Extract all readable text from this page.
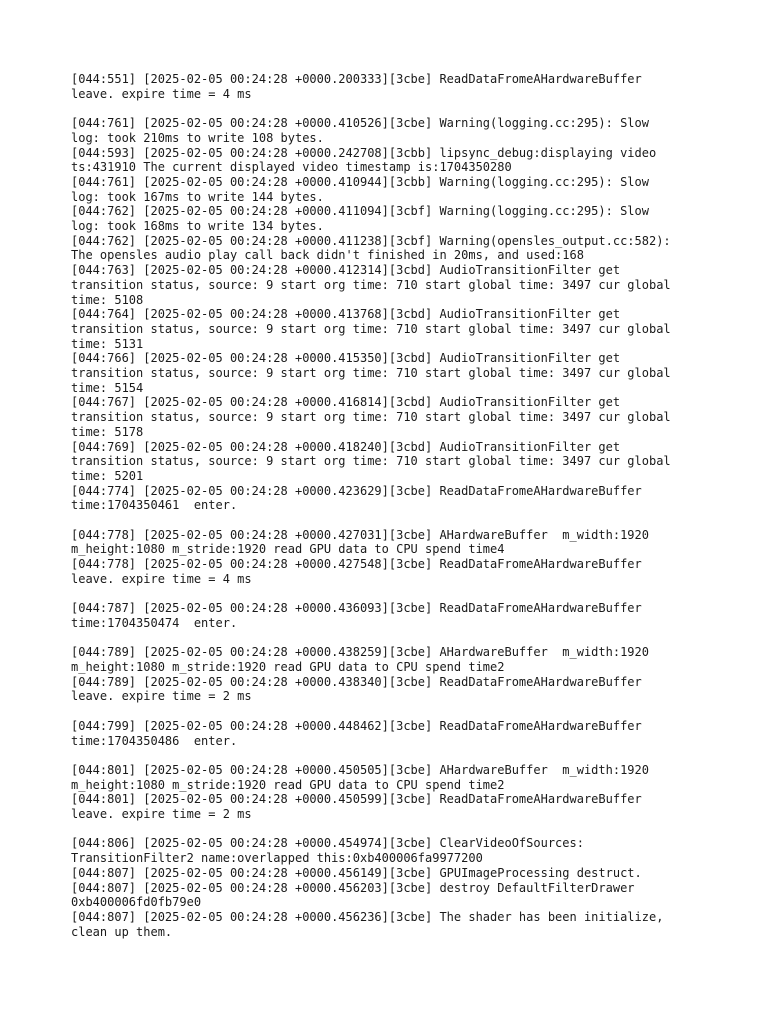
[044:551] [2025-02-05 00:24:28 +0000.200333][3cbe] ReadDataFromeAHardwareBuffer
leave. expire time = 4 ms
[044:761] [2025-02-05 00:24:28 +0000.410526][3cbe] Warning(logging.cc:295): Slow
log: took 210ms to write 108 bytes.
[044:593] [2025-02-05 00:24:28 +0000.242708][3cbb] lipsync_debug:displaying video
ts:431910 The current displayed video timestamp is:1704350280
[044:761] [2025-02-05 00:24:28 +0000.410944][3cbb] Warning(logging.cc:295): Slow
log: took 167ms to write 144 bytes.
[044:762] [2025-02-05 00:24:28 +0000.411094][3cbf] Warning(logging.cc:295): Slow
log: took 168ms to write 134 bytes.
[044:762] [2025-02-05 00:24:28 +0000.411238][3cbf] Warning(opensles_output.cc:582):
The opensles audio play call back didn't finished in 20ms, and used:168
[044:763] [2025-02-05 00:24:28 +0000.412314][3cbd] AudioTransitionFilter get
transition status, source: 9 start org time: 710 start global time: 3497 cur global
time: 5108
[044:764] [2025-02-05 00:24:28 +0000.413768][3cbd] AudioTransitionFilter get
transition status, source: 9 start org time: 710 start global time: 3497 cur global
time: 5131
[044:766] [2025-02-05 00:24:28 +0000.415350][3cbd] AudioTransitionFilter get
transition status, source: 9 start org time: 710 start global time: 3497 cur global
time: 5154
[044:767] [2025-02-05 00:24:28 +0000.416814][3cbd] AudioTransitionFilter get
transition status, source: 9 start org time: 710 start global time: 3497 cur global
time: 5178
[044:769] [2025-02-05 00:24:28 +0000.418240][3cbd] AudioTransitionFilter get
transition status, source: 9 start org time: 710 start global time: 3497 cur global
time: 5201
[044:774] [2025-02-05 00:24:28 +0000.423629][3cbe] ReadDataFromeAHardwareBuffer
time:1704350461  enter.
[044:778] [2025-02-05 00:24:28 +0000.427031][3cbe] AHardwareBuffer  m_width:1920
m_height:1080 m_stride:1920 read GPU data to CPU spend time4
[044:778] [2025-02-05 00:24:28 +0000.427548][3cbe] ReadDataFromeAHardwareBuffer
leave. expire time = 4 ms
[044:787] [2025-02-05 00:24:28 +0000.436093][3cbe] ReadDataFromeAHardwareBuffer
time:1704350474  enter.
[044:789] [2025-02-05 00:24:28 +0000.438259][3cbe] AHardwareBuffer  m_width:1920
m_height:1080 m_stride:1920 read GPU data to CPU spend time2
[044:789] [2025-02-05 00:24:28 +0000.438340][3cbe] ReadDataFromeAHardwareBuffer
leave. expire time = 2 ms
[044:799] [2025-02-05 00:24:28 +0000.448462][3cbe] ReadDataFromeAHardwareBuffer
time:1704350486  enter.
[044:801] [2025-02-05 00:24:28 +0000.450505][3cbe] AHardwareBuffer  m_width:1920
m_height:1080 m_stride:1920 read GPU data to CPU spend time2
[044:801] [2025-02-05 00:24:28 +0000.450599][3cbe] ReadDataFromeAHardwareBuffer
leave. expire time = 2 ms
[044:806] [2025-02-05 00:24:28 +0000.454974][3cbe] ClearVideoOfSources:
TransitionFilter2 name:overlapped this:0xb400006fa9977200
[044:807] [2025-02-05 00:24:28 +0000.456149][3cbe] GPUImageProcessing destruct.
[044:807] [2025-02-05 00:24:28 +0000.456203][3cbe] destroy DefaultFilterDrawer
0xb400006fd0fb79e0
[044:807] [2025-02-05 00:24:28 +0000.456236][3cbe] The shader has been initialize,
clean up them.
